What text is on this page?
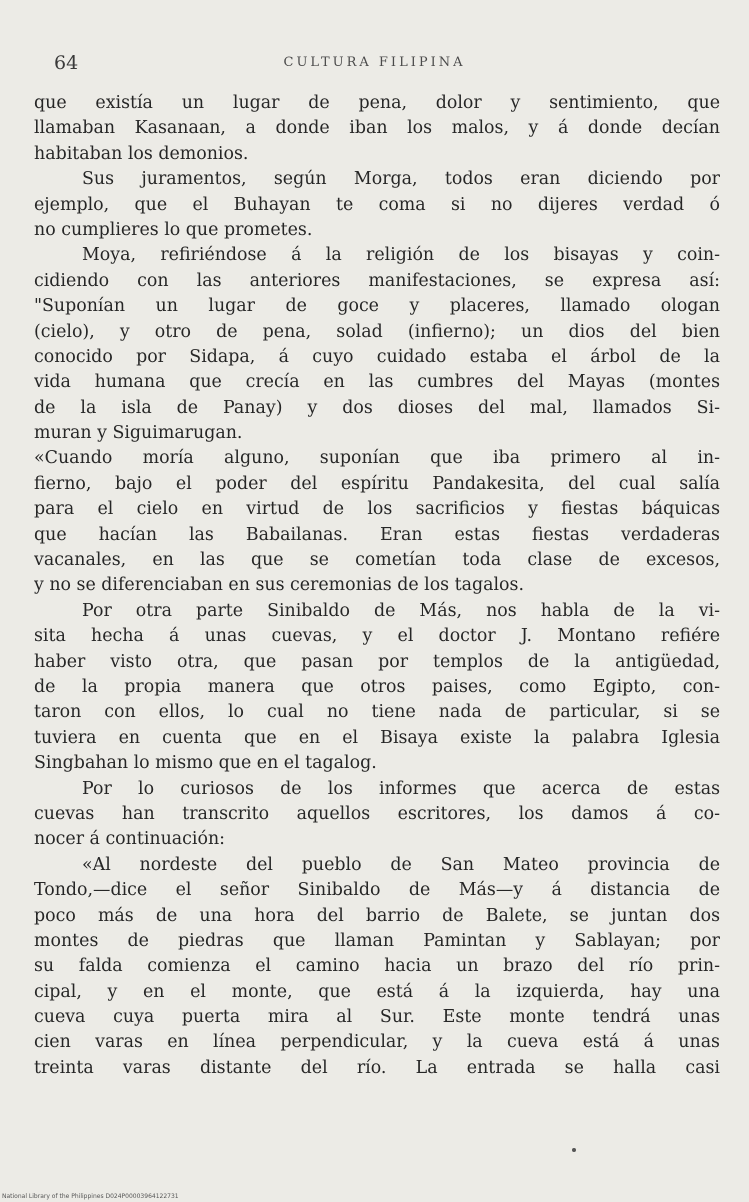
64	CULTURA FILIPINA
que existía un lugar de pena, dolor y sentimiento, que
llamaban Kasanaan, a donde iban los malos, y á donde decían
habitaban los demonios.
Sus juramentos, según Morga, todos eran diciendo por
ejemplo, que el Buhayan te coma si no dijeres verdad ó
no cumplieres lo que prometes.
Moya, refiriéndose á la religión de los bisayas y coin-
cidiendo con las anteriores manifestaciones, se expresa así:
"Suponían un lugar de goce y placeres, llamado ologan
(cielo), y otro de pena, solad (infierno); un dios del bien
conocido por Sidapa, á cuyo cuidado estaba el árbol de la
vida humana que crecía en las cumbres del Mayas (montes
de la isla de Panay) y dos dioses del mal, llamados Si-
muran y Siguimarugan.
«Cuando moría alguno, suponían que iba primero al in-
fierno, bajo el poder del espíritu Pandakesita, del cual salía
para el cielo en virtud de los sacrificios y fiestas báquicas
que hacían las Babailanas. Eran estas fiestas verdaderas
vacanales, en las que se cometían toda clase de excesos,
y no se diferenciaban en sus ceremonias de los tagalos.
Por otra parte Sinibaldo de Más, nos habla de la vi-
sita hecha á unas cuevas, y el doctor J. Montano refiére
haber visto otra, que pasan por templos de la antigüedad,
de la propia manera que otros paises, como Egipto, con-
taron con ellos, lo cual no tiene nada de particular, si se
tuviera en cuenta que en el Bisaya existe la palabra Iglesia
Singbahan lo mismo que en el tagalog.
Por lo curiosos de los informes que acerca de estas
cuevas han transcrito aquellos escritores, los damos á co-
nocer á continuación:
«Al nordeste del pueblo de San Mateo provincia de
Tondo,—dice el señor Sinibaldo de Más—y á distancia de
poco más de una hora del barrio de Balete, se juntan dos
montes de piedras que llaman Pamintan y Sablayan; por
su falda comienza el camino hacia un brazo del río prin-
cipal, y en el monte, que está á la izquierda, hay una
cueva cuya puerta mira al Sur. Este monte tendrá unas
cien varas en línea perpendicular, y la cueva está á unas
treinta varas distante del río. La entrada se halla casi
National Library of the Philippines D024P00003964122731
